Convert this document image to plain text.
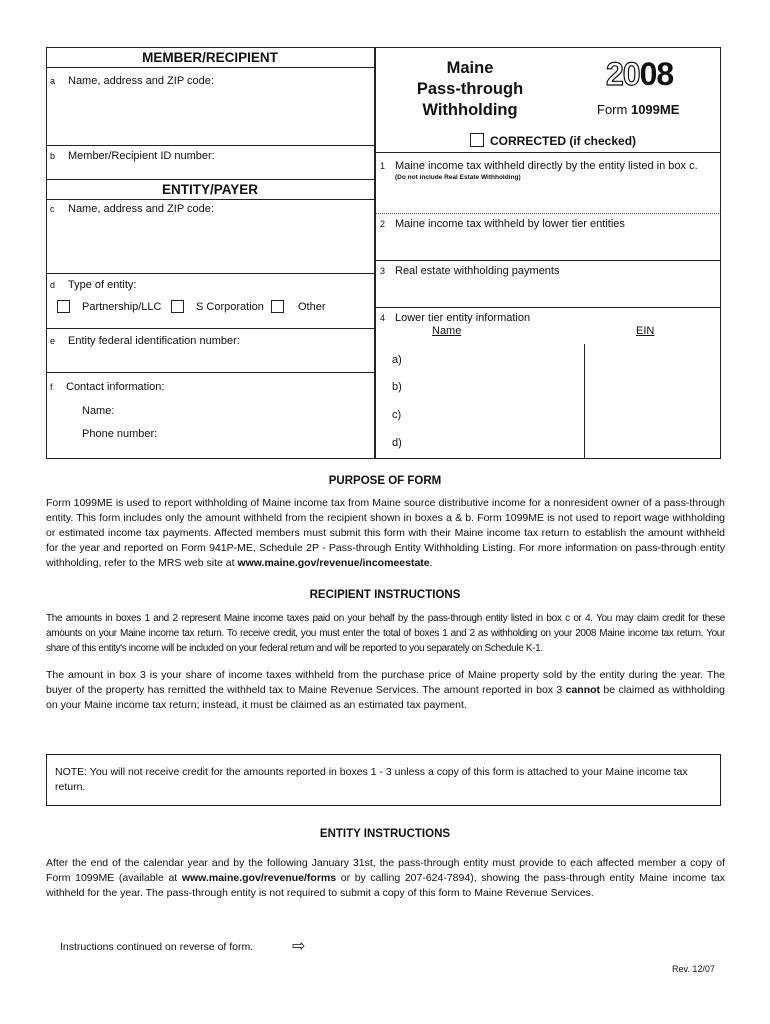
MEMBER/RECIPIENT
a Name, address and ZIP code:
b Member/Recipient ID number:
ENTITY/PAYER
c Name, address and ZIP code:
d Type of entity:
Partnership/LLC	S Corporation	Other
e Entity federal identification number:
f Contact information:
Name:
Phone number:
Maine
Pass-through
Withholding
2008
Form 1099ME
CORRECTED (if checked)
1 Maine income tax withheld directly by the entity listed in box c.
(Do not include Real Estate Withholding)
2 Maine income tax withheld by lower tier entities
3 Real estate withholding payments
4 Lower tier entity information
Name	EIN
a)
b)
c)
d)
PURPOSE OF FORM
Form 1099ME is used to report withholding of Maine income tax from Maine source distributive income for a nonresident owner of a pass-through entity. This form includes only the amount withheld from the recipient shown in boxes a & b. Form 1099ME is not used to report wage withholding or estimated income tax payments. Affected members must submit this form with their Maine income tax return to establish the amount withheld for the year and reported on Form 941P-ME, Schedule 2P - Pass-through Entity Withholding Listing. For more information on pass-through entity withholding, refer to the MRS web site at www.maine.gov/revenue/incomeestate.
RECIPIENT INSTRUCTIONS
The amounts in boxes 1 and 2 represent Maine income taxes paid on your behalf by the pass-through entity listed in box c or 4. You may claim credit for these amounts on your Maine income tax return. To receive credit, you must enter the total of boxes 1 and 2 as withholding on your 2008 Maine income tax return. Your share of this entity's income will be included on your federal return and will be reported to you separately on Schedule K-1.
The amount in box 3 is your share of income taxes withheld from the purchase price of Maine property sold by the entity during the year. The buyer of the property has remitted the withheld tax to Maine Revenue Services. The amount reported in box 3 cannot be claimed as withholding on your Maine income tax return; instead, it must be claimed as an estimated tax payment.
NOTE: You will not receive credit for the amounts reported in boxes 1 - 3 unless a copy of this form is attached to your Maine income tax return.
ENTITY INSTRUCTIONS
After the end of the calendar year and by the following January 31st, the pass-through entity must provide to each affected member a copy of Form 1099ME (available at www.maine.gov/revenue/forms or by calling 207-624-7894), showing the pass-through entity Maine income tax withheld for the year. The pass-through entity is not required to submit a copy of this form to Maine Revenue Services.
Instructions continued on reverse of form. ⇨
Rev. 12/07
